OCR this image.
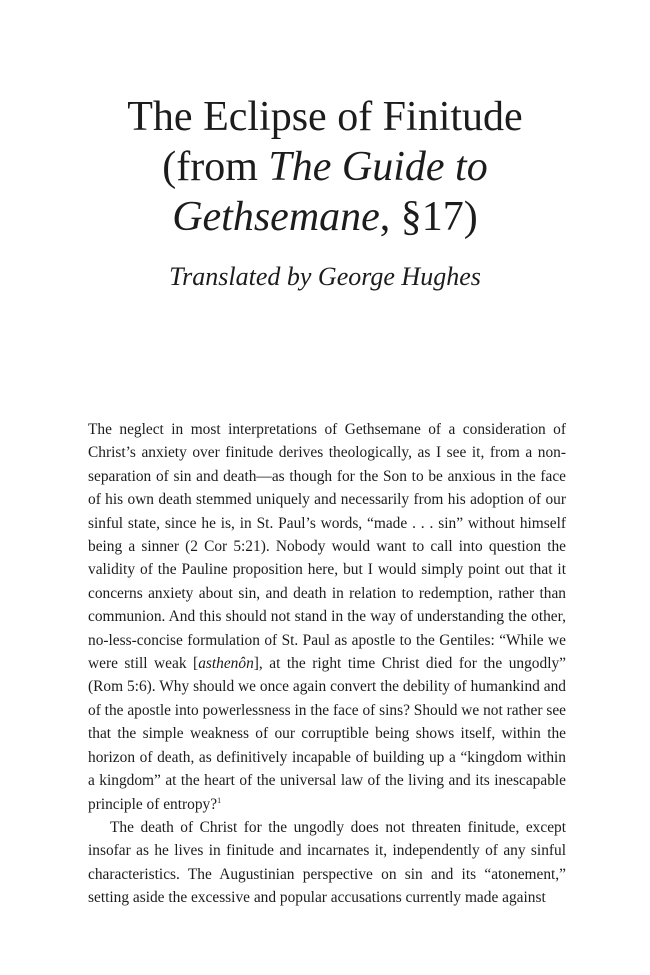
The Eclipse of Finitude
(from The Guide to
Gethsemane, §17)
Translated by George Hughes

The neglect in most interpretations of Gethsemane of a consideration of Christ’s anxiety over finitude derives theologically, as I see it, from a non-separation of sin and death—as though for the Son to be anxious in the face of his own death stemmed uniquely and necessarily from his adoption of our sinful state, since he is, in St. Paul’s words, “made . . . sin” without himself being a sinner (2 Cor 5:21). Nobody would want to call into question the validity of the Pauline proposition here, but I would simply point out that it concerns anxiety about sin, and death in relation to redemption, rather than communion. And this should not stand in the way of understanding the other, no-less-concise formulation of St. Paul as apostle to the Gentiles: “While we were still weak [asthenôn], at the right time Christ died for the ungodly” (Rom 5:6). Why should we once again convert the debility of humankind and of the apostle into powerlessness in the face of sins? Should we not rather see that the simple weakness of our corruptible being shows itself, within the horizon of death, as definitively incapable of building up a “kingdom within a kingdom” at the heart of the universal law of the living and its inescapable principle of entropy?$^1$

The death of Christ for the ungodly does not threaten finitude, except insofar as he lives in finitude and incarnates it, independently of any sinful characteristics. The Augustinian perspective on sin and its “atonement,” setting aside the excessive and popular accusations currently made against
